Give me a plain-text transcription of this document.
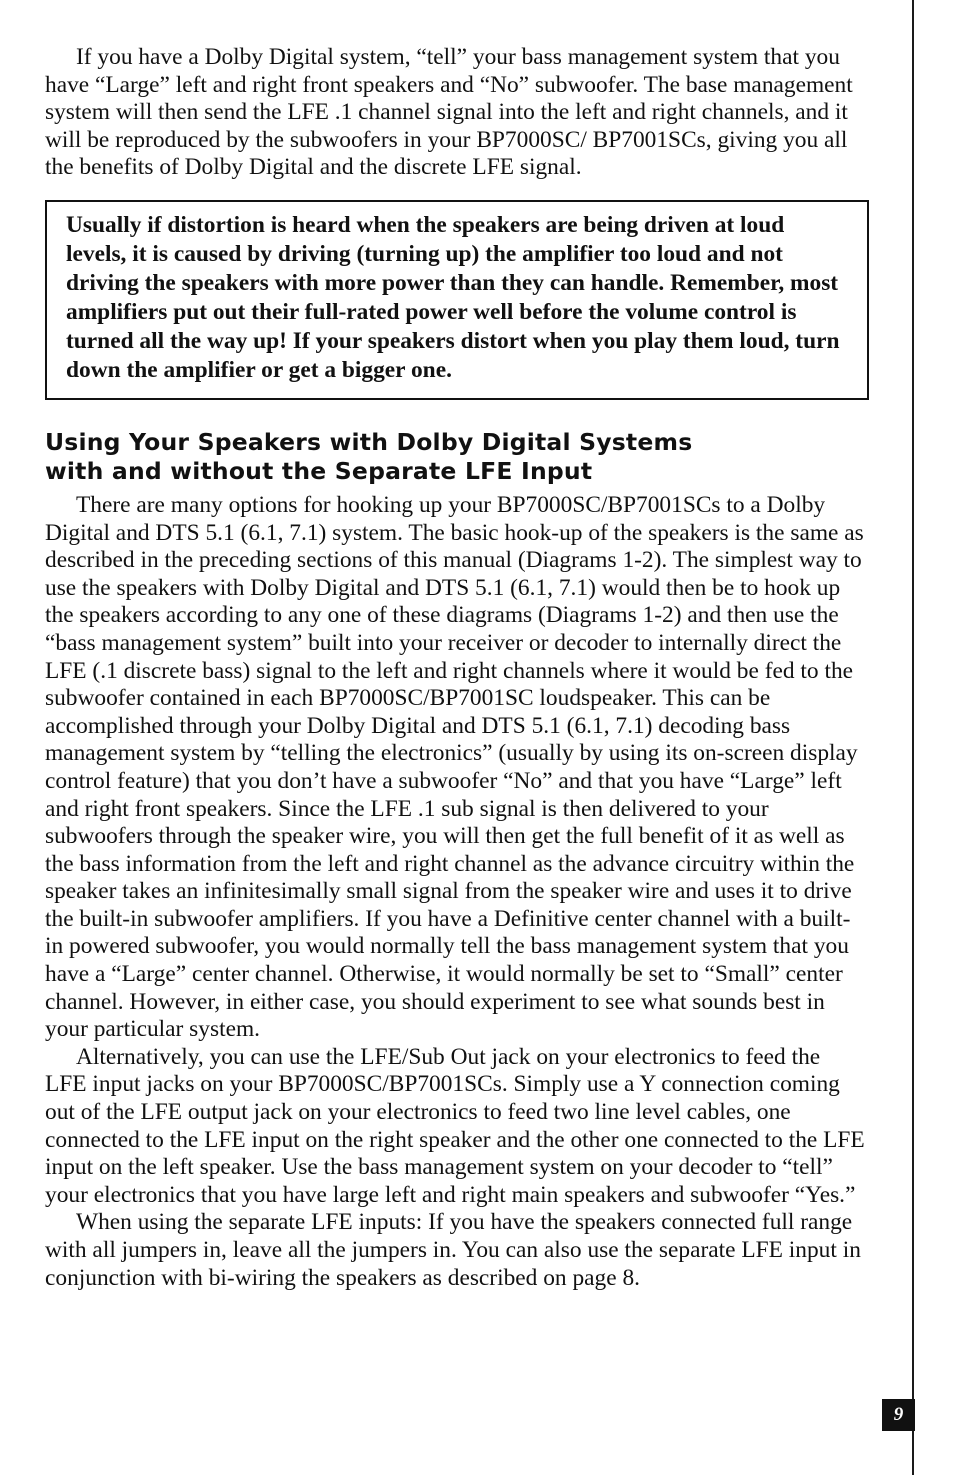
If you have a Dolby Digital system, “tell” your bass management system that you have “Large” left and right front speakers and “No” subwoofer. The base management system will then send the LFE .1 channel signal into the left and right channels, and it will be reproduced by the subwoofers in your BP7000SC/ BP7001SCs, giving you all the benefits of Dolby Digital and the discrete LFE signal.

Usually if distortion is heard when the speakers are being driven at loud levels, it is caused by driving (turning up) the amplifier too loud and not driving the speakers with more power than they can handle. Remember, most amplifiers put out their full-rated power well before the volume control is turned all the way up! If your speakers distort when you play them loud, turn down the amplifier or get a bigger one.

Using Your Speakers with Dolby Digital Systems
with and without the Separate LFE Input

There are many options for hooking up your BP7000SC/BP7001SCs to a Dolby Digital and DTS 5.1 (6.1, 7.1) system. The basic hook-up of the speakers is the same as described in the preceding sections of this manual (Diagrams 1-2). The simplest way to use the speakers with Dolby Digital and DTS 5.1 (6.1, 7.1) would then be to hook up the speakers according to any one of these diagrams (Diagrams 1-2) and then use the “bass management system” built into your receiver or decoder to internally direct the LFE (.1 discrete bass) signal to the left and right channels where it would be fed to the subwoofer contained in each BP7000SC/BP7001SC loudspeaker. This can be accomplished through your Dolby Digital and DTS 5.1 (6.1, 7.1) decoding bass management system by “telling the electronics” (usually by using its on-screen display control feature) that you don’t have a subwoofer “No” and that you have “Large” left and right front speakers. Since the LFE .1 sub signal is then delivered to your subwoofers through the speaker wire, you will then get the full benefit of it as well as the bass information from the left and right channel as the advance circuitry within the speaker takes an infinitesimally small signal from the speaker wire and uses it to drive the built-in subwoofer amplifiers. If you have a Definitive center channel with a built-in powered subwoofer, you would normally tell the bass management system that you have a “Large” center channel. Otherwise, it would normally be set to “Small” center channel. However, in either case, you should experiment to see what sounds best in your particular system.

Alternatively, you can use the LFE/Sub Out jack on your electronics to feed the LFE input jacks on your BP7000SC/BP7001SCs. Simply use a Y connection coming out of the LFE output jack on your electronics to feed two line level cables, one connected to the LFE input on the right speaker and the other one connected to the LFE input on the left speaker. Use the bass management system on your decoder to “tell” your electronics that you have large left and right main speakers and subwoofer “Yes.”

When using the separate LFE inputs: If you have the speakers connected full range with all jumpers in, leave all the jumpers in. You can also use the separate LFE input in conjunction with bi-wiring the speakers as described on page 8.

9
